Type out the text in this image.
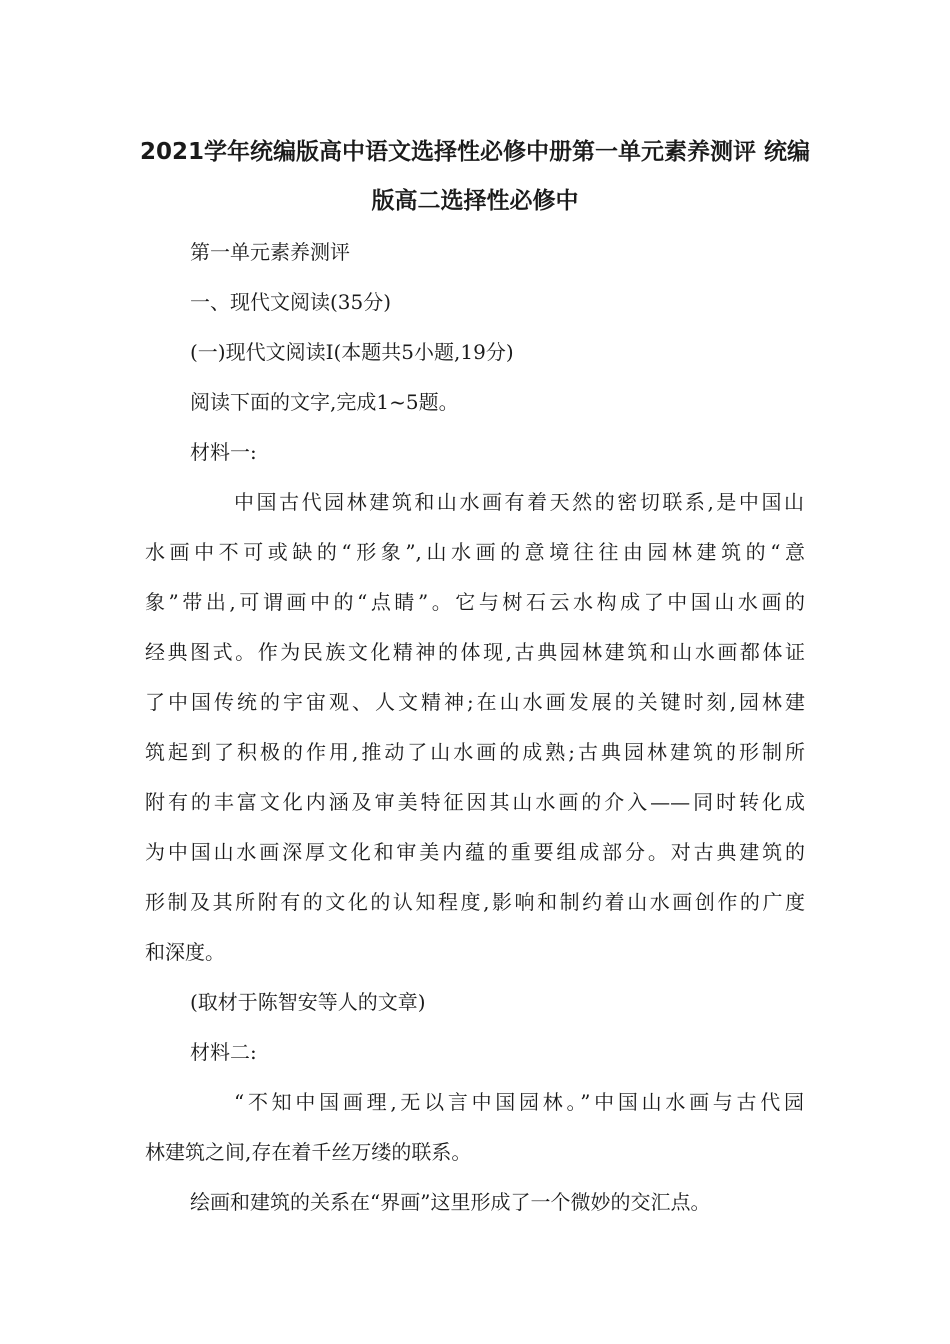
2021学年统编版高中语文选择性必修中册第一单元素养测评 统编
版高二选择性必修中
第一单元素养测评
一、现代文阅读(35分)
(一)现代文阅读Ⅰ(本题共5小题,19分)
阅读下面的文字,完成1~5题。
材料一:
中国古代园林建筑和山水画有着天然的密切联系,是中国山
水画中不可或缺的“形象”,山水画的意境往往由园林建筑的“意
象”带出,可谓画中的“点睛”。它与树石云水构成了中国山水画的
经典图式。作为民族文化精神的体现,古典园林建筑和山水画都体证
了中国传统的宇宙观、人文精神;在山水画发展的关键时刻,园林建
筑起到了积极的作用,推动了山水画的成熟;古典园林建筑的形制所
附有的丰富文化内涵及审美特征因其山水画的介入——同时转化成
为中国山水画深厚文化和审美内蕴的重要组成部分。对古典建筑的
形制及其所附有的文化的认知程度,影响和制约着山水画创作的广度
和深度。
(取材于陈智安等人的文章)
材料二:
“不知中国画理,无以言中国园林。”中国山水画与古代园
林建筑之间,存在着千丝万缕的联系。
绘画和建筑的关系在“界画”这里形成了一个微妙的交汇点。
